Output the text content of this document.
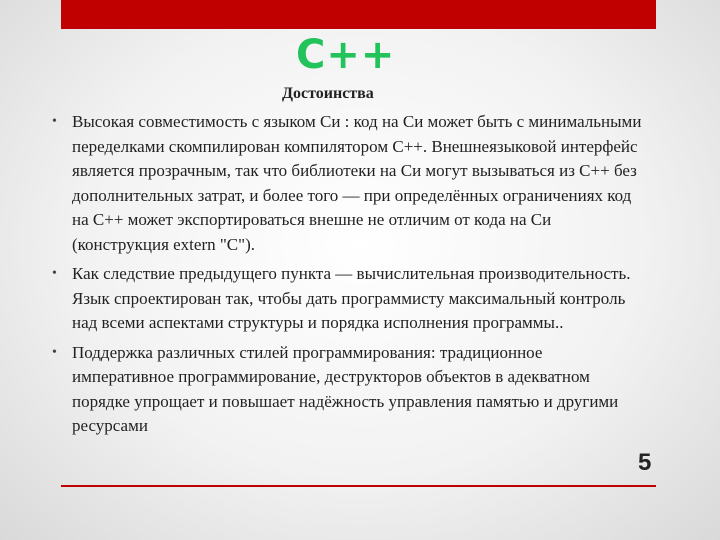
C++
Достоинства
• Высокая совместимость с языком Си : код на Си может быть с минимальными переделками скомпилирован компилятором C++. Внешнеязыковой интерфейс является прозрачным, так что библиотеки на Си могут вызываться из C++ без дополнительных затрат, и более того — при определённых ограничениях код на C++ может экспортироваться внешне не отличим от кода на Си (конструкция extern "C").
• Как следствие предыдущего пункта — вычислительная производительность. Язык спроектирован так, чтобы дать программисту максимальный контроль над всеми аспектами структуры и порядка исполнения программы..
• Поддержка различных стилей программирования: традиционное императивное программирование, деструкторов объектов в адекватном порядке упрощает и повышает надёжность управления памятью и другими ресурсами
5
